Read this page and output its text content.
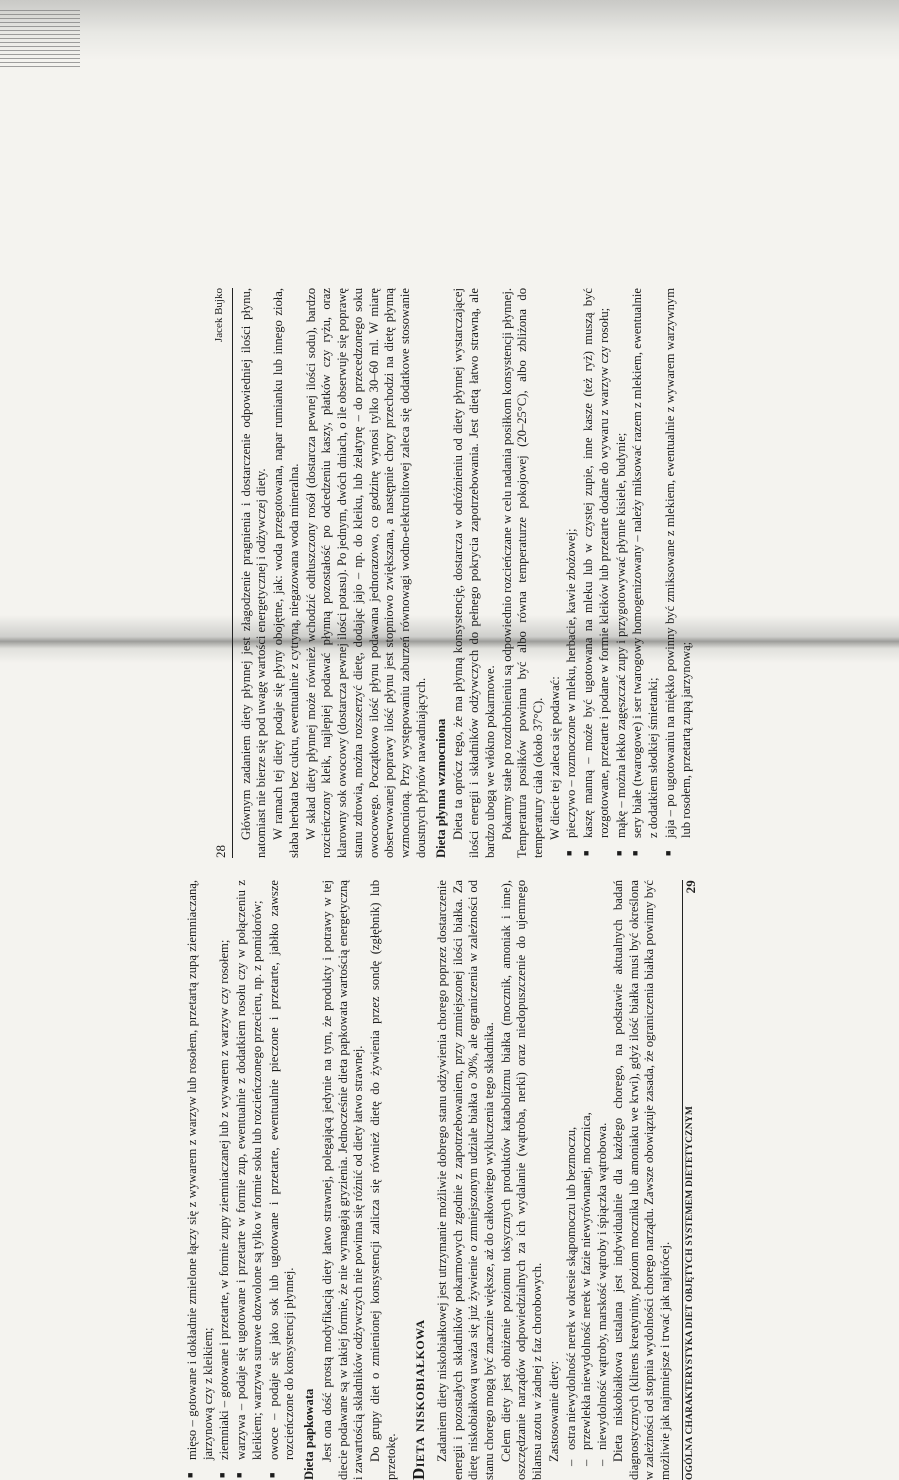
28
Jacek Bujko Głównym zadaniem diety płynnej jest złagodzenie pragnienia i dostarczenie odpowiedniej ilości płynu, natomiast nie bierze się pod uwagę wartości energetycznej i odżywczej diety. W ramach tej diety podaje się płyny obojętne, jak: woda przegotowana, napar rumianku lub innego zioła, słaba herbata bez cukru, ewentualnie z cytryną, niegazowana woda mineralna. W skład diety płynnej może również wchodzić odtłuszczony rosół (dostarcza pewnej ilości sodu), bardzo rozcieńczony kleik, najlepiej podawać płynną pozostałość po odcedzeniu kaszy, płatków czy ryżu, oraz klarowny sok owocowy (dostarcza pewnej ilości potasu). Po jednym, dwóch dniach, o ile obserwuje się poprawę stanu zdrowia, można rozszerzyć dietę, dodając jajo – np. do kleiku, lub żelatynę – do przecedzonego soku owocowego. Początkowo ilość płynu podawana jednorazowo, co godzinę wynosi tylko 30–60 ml. W miarę obserwowanej poprawy ilość płynu jest stopniowo zwiększana, a następnie chory przechodzi na dietę płynną wzmocnioną. Przy występowaniu zaburzeń równowagi wodno-elektrolitowej zaleca się dodatkowe stosowanie doustnych płynów nawadniających. Dieta płynna wzmocniona Dieta ta oprócz tego, że ma płynną konsystencję, dostarcza w odróżnieniu od diety płynnej wystarczającej ilości energii i składników odżywczych do pełnego pokrycia zapotrzebowania. Jest dietą łatwo strawną, ale bardzo ubogą we włókno pokarmowe. Pokarmy stałe po rozdrobnieniu są odpowiednio rozcieńczane w celu nadania posiłkom konsystencji płynnej. Temperatura posiłków powinna być albo równa temperaturze pokojowej (20–25°C), albo zbliżona do temperatury ciała (około 37°C). W diecie tej zaleca się podawać: ■ pieczywo – rozmoczone w mleku, herbacie, kawie zbożowej; ■ kaszę manną – może być ugotowana na mleku lub w czystej zupie, inne kasze (też ryż) muszą być rozgotowane, przetarte i podane w formie kleików lub przetarte dodane do wywaru z warzyw czy rosołu; ■ mąkę – można lekko zagęszczać zupy i przygotowywać płynne kisiele, budynie; ■ sery białe (twarogowe) i ser twarogowy homogenizowany – należy miksować razem z mlekiem, ewentualnie z dodatkiem słodkiej śmietanki; ■ jaja – po ugotowaniu na miękko powinny być zmiksowane z mlekiem, ewentualnie z wywarem warzywnym lub rosołem, przetartą zupą jarzynową;
■ mięso – gotowane i dokładnie zmielone łączy się z wywarem z warzyw lub rosołem, przetartą zupą ziemniaczaną, jarzynową czy z kleikiem; ■ ziemniaki – gotowane i przetarte, w formie zupy ziemniaczanej lub z wywarem z warzyw czy rosołem; ■ warzywa – podaje się ugotowane i przetarte w formie zup, ewentualnie z dodatkiem rosołu czy w połączeniu z kleikiem; warzywa surowe dozwolone są tylko w formie soku lub rozcieńczonego przecieru, np. z pomidorów; ■ owoce – podaje się jako sok lub ugotowane i przetarte, ewentualnie pieczone i przetarte, jabłko zawsze rozcieńczone do konsystencji płynnej. Dieta papkowata Jest ona dość prostą modyfikacją diety łatwo strawnej, polegającą jedynie na tym, że produkty i potrawy w tej diecie podawane są w takiej formie, że nie wymagają gryzienia. Jednocześnie dieta papkowata wartością energetyczną i zawartością składników odżywczych nie powinna się różnić od diety łatwo strawnej. Do grupy diet o zmienionej konsystencji zalicza się również dietę do żywienia przez sondę (zgłębnik) lub przetokę. Dieta niskobiałkowa Zadaniem diety niskobiałkowej jest utrzymanie możliwie dobrego stanu odżywienia chorego poprzez dostarczenie energii i pozostałych składników pokarmowych zgodnie z zapotrzebowaniem, przy zmniejszonej ilości białka. Za dietę niskobiałkową uważa się już żywienie o zmniejszonym udziale białka o 30%, ale ograniczenia w zależności od stanu chorego mogą być znacznie większe, aż do całkowitego wykluczenia tego składnika. Celem diety jest obniżenie poziomu toksycznych produktów katabolizmu białka (mocznik, amoniak i inne), oszczędzanie narządów odpowiedzialnych za ich wydalanie (wątroba, nerki) oraz niedopuszczenie do ujemnego bilansu azotu w żadnej z faz chorobowych. Zastosowanie diety: – ostra niewydolność nerek w okresie skąpomoczu lub bezmoczu, – przewlekła niewydolność nerek w fazie niewyrównanej, mocznica, – niewydolność wątroby, marskość wątroby i śpiączka wątrobowa. Dieta niskobiałkowa ustalana jest indywidualnie dla każdego chorego, na podstawie aktualnych badań diagnostycznych (klirens kreatyniny, poziom mocznika lub amoniaku we krwi), gdyż ilość białka musi być określona w zależności od stopnia wydolności chorego narządu. Zawsze obowiązuje zasada, że ograniczenia białka powinny być możliwie jak najmniejsze i trwać jak najkrócej.	OGÓLNA CHARAKTERYSTYKA DIET OBJĘTYCH SYSTEMEM DIETETYCZNYM
29
